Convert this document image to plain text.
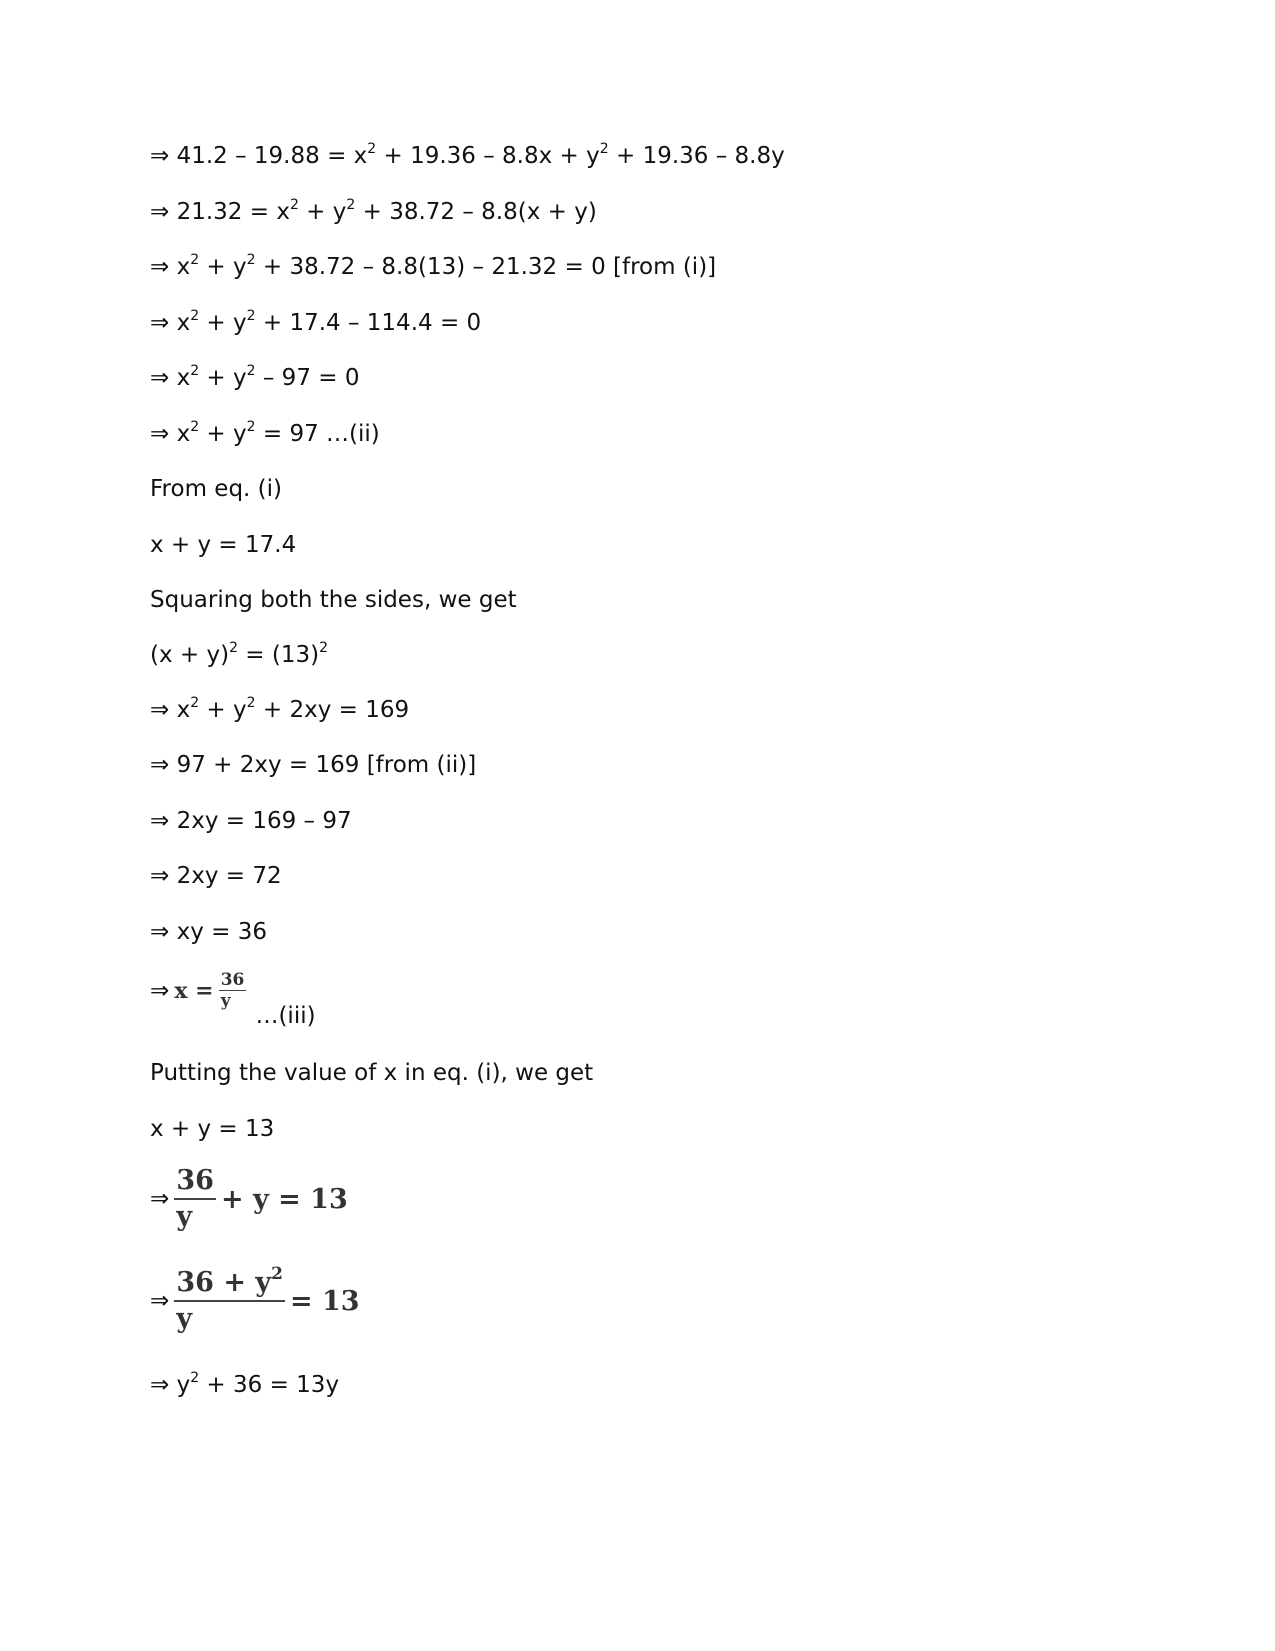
⇒ $41.2 - 19.88 = x^2 + 19.36 - 8.8x + y^2 + 19.36 - 8.8y$
⇒ $21.32 = x^2 + y^2 + 38.72 - 8.8(x + y)$
⇒ $x^2 + y^2 + 38.72 - 8.8(13) - 21.32 = 0$ [from (i)]
⇒ $x^2 + y^2 + 17.4 - 114.4 = 0$
⇒ $x^2 + y^2 - 97 = 0$
⇒ $x^2 + y^2 = 97$ …(ii)
From eq. (i)
x + y = 17.4
Squaring both the sides, we get
$(x + y)^2 = (13)^2$
⇒ $x^2 + y^2 + 2xy = 169$
⇒ 97 + 2xy = 169 [from (ii)]
⇒ 2xy = 169 – 97
⇒ 2xy = 72
⇒ xy = 36
⇒ $x = \frac{36}{y}$
…(iii)
Putting the value of x in eq. (i), we get
x + y = 13
⇒ $\frac{36}{y} + y = 13$
⇒ $\frac{36 + y^2}{y} = 13$
⇒ $y^2 + 36 = 13y$
